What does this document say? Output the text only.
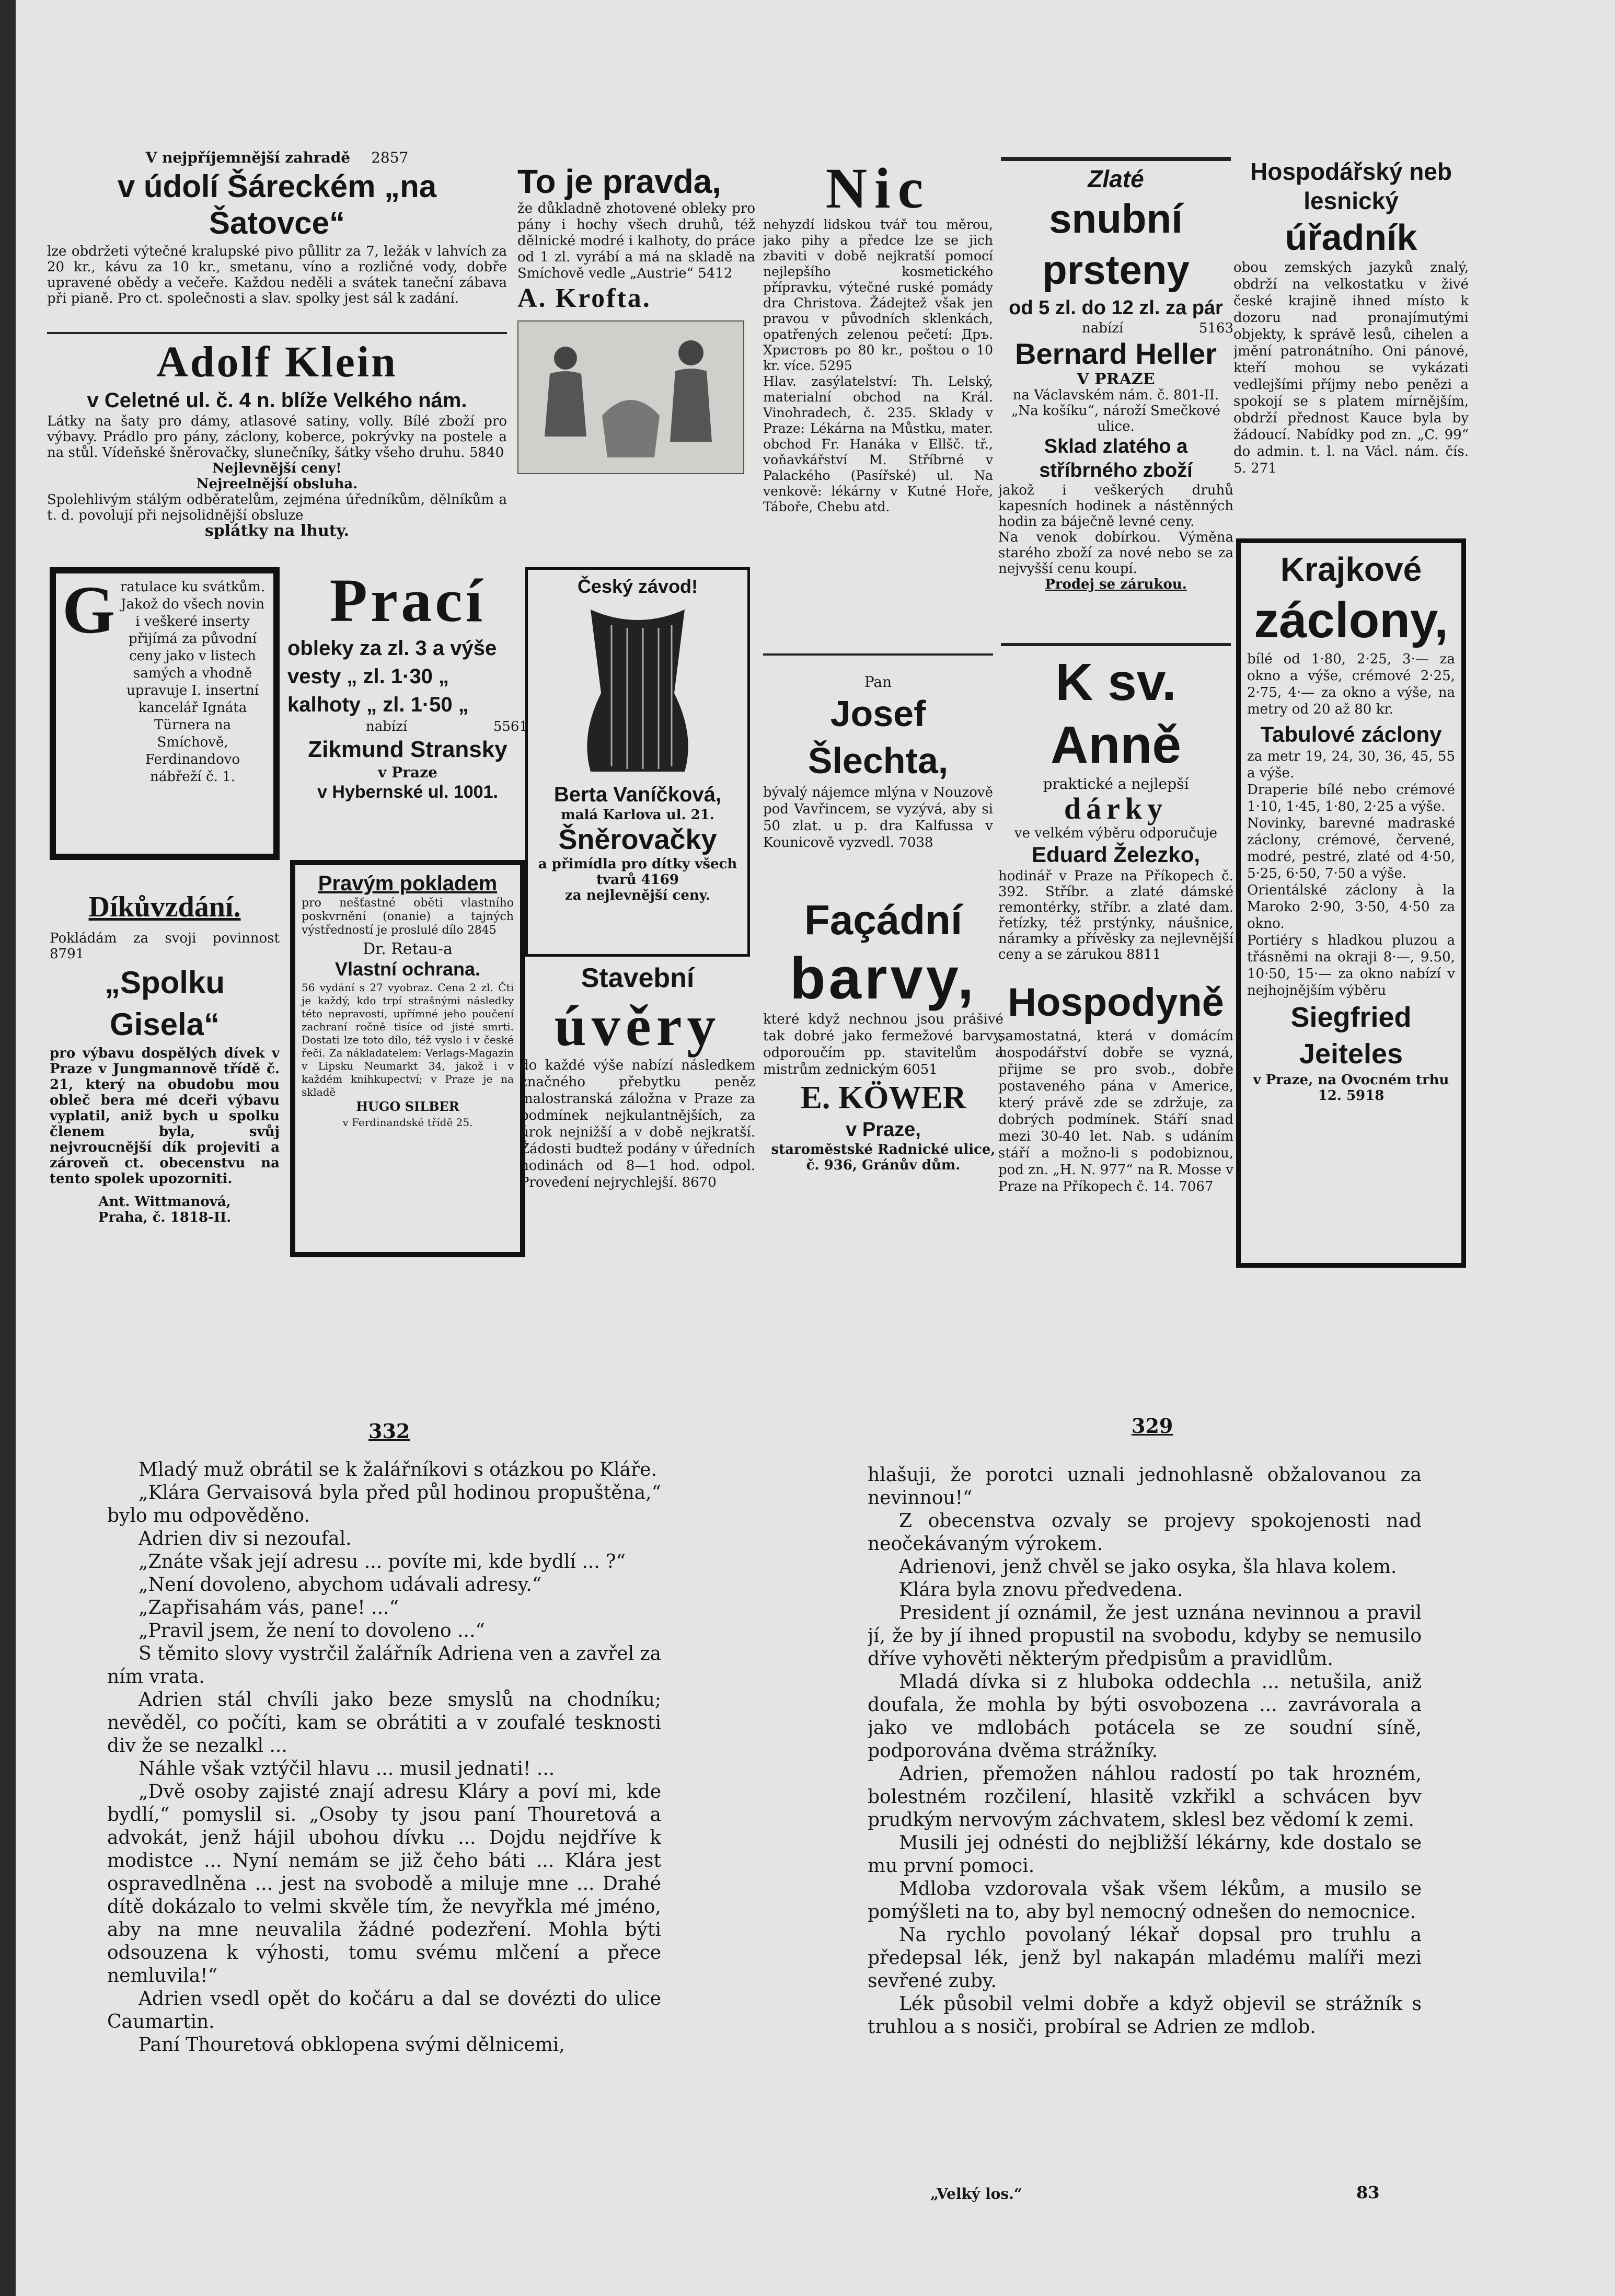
V nejpříjemnější zahradě 2857

v údolí Šáreckém „na Šatovce“

lze obdržeti výtečné kralupské pivo půllitr za 7, ležák v lahvích za 20 kr., kávu za 10 kr., smetanu, víno a rozličné vody, dobře upravené obědy a večeře. Každou neděli a svátek taneční zábava při pianě. Pro ct. společnosti a slav. spolky jest sál k zadání.

Adolf Klein

v Celetné ul. č. 4 n. blíže Velkého nám.

Látky na šaty pro dámy, atlasové satiny, volly. Bílé zboží pro výbavy. Prádlo pro pány, záclony, koberce, pokrývky na postele a na stůl. Vídeňské šněrovačky, slunečníky, šátky všeho druhu. 5840

Nejlevnější ceny!

Nejreelnější obsluha.

Spolehlivým stálým odběratelům, zejména úředníkům, dělníkům a t. d. povolují při nejsolidnější obsluze

splátky na lhuty.

G ratulace ku svátkům. Jakož do všech novin i veškeré inserty přijímá za původní ceny jako v listech samých a vhodně upravuje I. insertní kancelář Ignáta Türnera na Smíchově, Ferdinandovo nábřeží č. 1.

Díkůvzdání.

Pokládám za svoji povinnost 8791

„Spolku Gisela“

pro výbavu dospělých dívek v Praze v Jungmannově třídě č. 21, který na obudobu mou obleč bera mé dceři výbavu vyplatil, aniž bych u spolku členem byla, svůj nejvroucnější dík projeviti a zároveň ct. obecenstvu na tento spolek upozorniti.

Ant. Wittmanová,

Praha, č. 1818-II.

Prací

obleky za zl. 3 a výše

vesty „ zl. 1·30 „

kalhoty „ zl. 1·50 „

nabízí	5561

Zikmund Stransky

v Praze

v Hybernské ul. 1001.

Pravým pokladem

pro nešťastné oběti vlastního poskvrnění (onanie) a tajných výstředností je proslulé dílo 2845

Dr. Retau-a

Vlastní ochrana.

56 vydání s 27 vyobraz. Cena 2 zl. Čti je každý, kdo trpí strašnými následky této nepravosti, upřímné jeho poučení zachraní ročně tisíce od jisté smrti. Dostati lze toto dílo, též vyslo i v české řeči. Za nákladatelem: Verlags-Magazin v Lipsku Neumarkt 34, jakož i v každém knihkupectví; v Praze je na skladě

HUGO SILBER

v Ferdinandské třídě 25.

To je pravda,

že důkladně zhotovené obleky pro pány i hochy všech druhů, též dělnické modré i kalhoty, do práce od 1 zl. vyrábí a má na skladě na Smíchově vedle „Austrie“ 5412

A. Krofta.

Český závod!

Berta Vaníčková,

malá Karlova ul. 21.

Šněrovačky

a přimídla pro dítky všech tvarů 4169

za nejlevnější ceny.

Stavební

úvěry

do každé výše nabízí následkem značného přebytku peněz malostranská záložna v Praze za podmínek nejkulantnějších, za úrok nejnižší a v době nejkratší. Žádosti budtež podány v úředních hodinách od 8—1 hod. odpol. Provedení nejrychlejší. 8670

Nic

nehyzdí lidskou tvář tou měrou, jako pihy a předce lze se jich zbaviti v době nejkratší pomocí nejlepšího kosmetického přípravku, výtečné ruské pomády dra Christova. Žádejtež však jen pravou v původních sklenkách, opatřených zelenou pečetí: Дръ. Христовъ po 80 kr., poštou o 10 kr. více. 5295

Hlav. zasýlatelství: Th. Lelský, materialní obchod na Král. Vinohradech, č. 235. Sklady v Praze: Lékárna na Můstku, mater. obchod Fr. Hanáka v Ellšč. tř., voňavkářství M. Stříbrné v Palackého (Pasířské) ul. Na venkově: lékárny v Kutné Hoře, Táboře, Chebu atd.

Pan

Josef Šlechta,

bývalý nájemce mlýna v Nouzově pod Vavřincem, se vyzývá, aby si 50 zlat. u p. dra Kalfussa v Kounicově vyzvedl. 7038

Façádní

barvy,

které když nechnou jsou prášivé tak dobré jako fermežové barvy, odporoučím pp. stavitelům a mistrům zednickým 6051

E. KÖWER

v Praze,

staroměstské Radnické ulice, č. 936, Gránův dům.

Zlaté

snubní prsteny

od 5 zl. do 12 zl. za pár

nabízí	5163

Bernard Heller

V PRAZE

na Václavském nám. č. 801-II. „Na košíku“, nároží Smečkové ulice.

Sklad zlatého a stříbrného zboží

jakož i veškerých druhů kapesních hodinek a nástěnných hodin za báječně levné ceny.

Na venok dobírkou. Výměna starého zboží za nové nebo se za nejvyšší cenu koupí.

Prodej se zárukou.

K sv. Anně

praktické a nejlepší

dárky

ve velkém výběru odporučuje

Eduard Železko,

hodinář v Praze na Příkopech č. 392. Stříbr. a zlaté dámské remontérky, stříbr. a zlaté dam. řetízky, též prstýnky, náušnice, náramky a přívěsky za nejlevnější ceny a se zárukou 8811

Hospodyně

samostatná, která v domácím hospodářství dobře se vyzná, přijme se pro svob., dobře postaveného pána v Americe, který právě zde se zdržuje, za dobrých podmínek. Stáří snad mezi 30-40 let. Nab. s udáním stáří a možno-li s podobiznou, pod zn. „H. N. 977“ na R. Mosse v Praze na Příkopech č. 14. 7067

Hospodářský neb lesnický

úřadník

obou zemských jazyků znalý, obdrží na velkostatku v živé české krajině ihned místo k dozoru nad pronajímutými objekty, k správě lesů, cihelen a jmění patronátního. Oni pánové, kteří mohou se vykázati vedlejšími příjmy nebo penězi a spokojí se s platem mírnějším, obdrží přednost Kauce byla by žádoucí. Nabídky pod zn. „C. 99“ do admin. t. l. na Václ. nám. čís. 5. 271

Krajkové

záclony,

bílé od 1·80, 2·25, 3·— za okno a výše, crémové 2·25, 2·75, 4·— za okno a výše, na metry od 20 až 80 kr.

Tabulové záclony

za metr 19, 24, 30, 36, 45, 55 a výše.

Draperie bílé nebo crémové 1·10, 1·45, 1·80, 2·25 a výše.

Novinky, barevné madraské záclony, crémové, červené, modré, pestré, zlaté od 4·50, 5·25, 6·50, 7·50 a výše.

Orientálské záclony à la Maroko 2·90, 3·50, 4·50 za okno.

Portiéry s hladkou pluzou a třásněmi na okraji 8·—, 9.50, 10·50, 15·— za okno nabízí v nejhojnějším výběru

Siegfried Jeiteles

v Praze, na Ovocném trhu 12. 5918

332	329

Mladý muž obrátil se k žalářníkovi s otázkou po Kláře.

„Klára Gervaisová byla před půl hodinou propuštěna,“ bylo mu odpověděno.

Adrien div si nezoufal.

„Znáte však její adresu ... povíte mi, kde bydlí ... ?“

„Není dovoleno, abychom udávali adresy.“

„Zapřisahám vás, pane! ...“

„Pravil jsem, že není to dovoleno ...“

S těmito slovy vystrčil žalářník Adriena ven a zavřel za ním vrata.

Adrien stál chvíli jako beze smyslů na chodníku; nevěděl, co počíti, kam se obrátiti a v zoufalé tesknosti div že se nezalkl ...

Náhle však vztýčil hlavu ... musil jednati! ...

„Dvě osoby zajisté znají adresu Kláry a poví mi, kde bydlí,“ pomyslil si. „Osoby ty jsou paní Thouretová a advokát, jenž hájil ubohou dívku ... Dojdu nejdříve k modistce ... Nyní nemám se již čeho báti ... Klára jest ospravedlněna ... jest na svobodě a miluje mne ... Drahé dítě dokázalo to velmi skvěle tím, že nevyřkla mé jméno, aby na mne neuvalila žádné podezření. Mohla býti odsouzena k výhosti, tomu svému mlčení a přece nemluvila!“

Adrien vsedl opět do kočáru a dal se dovézti do ulice Caumartin.

Paní Thouretová obklopena svými dělnicemi,

hlašuji, že porotci uznali jednohlasně obžalovanou za nevinnou!“

Z obecenstva ozvaly se projevy spokojenosti nad neočekávaným výrokem.

Adrienovi, jenž chvěl se jako osyka, šla hlava kolem.

Klára byla znovu předvedena.

President jí oznámil, že jest uznána nevinnou a pravil jí, že by jí ihned propustil na svobodu, kdyby se nemusilo dříve vyhověti některým předpisům a pravidlům.

Mladá dívka si z hluboka oddechla ... netušila, aniž doufala, že mohla by býti osvobozena ... zavrávorala a jako ve mdlobách potácela se ze soudní síně, podporována dvěma strážníky.

Adrien, přemožen náhlou radostí po tak hrozném, bolestném rozčilení, hlasitě vzkřikl a schvácen byv prudkým nervovým záchvatem, sklesl bez vědomí k zemi.

Musili jej odnésti do nejbližší lékárny, kde dostalo se mu první pomoci.

Mdloba vzdorovala však všem lékům, a musilo se pomýšleti na to, aby byl nemocný odnešen do nemocnice.

Na rychlo povolaný lékař dopsal pro truhlu a předepsal lék, jenž byl nakapán mladému malíři mezi sevřené zuby.

Lék působil velmi dobře a když objevil se strážník s truhlou a s nosiči, probíral se Adrien ze mdlob.

„Velký los.“	83
